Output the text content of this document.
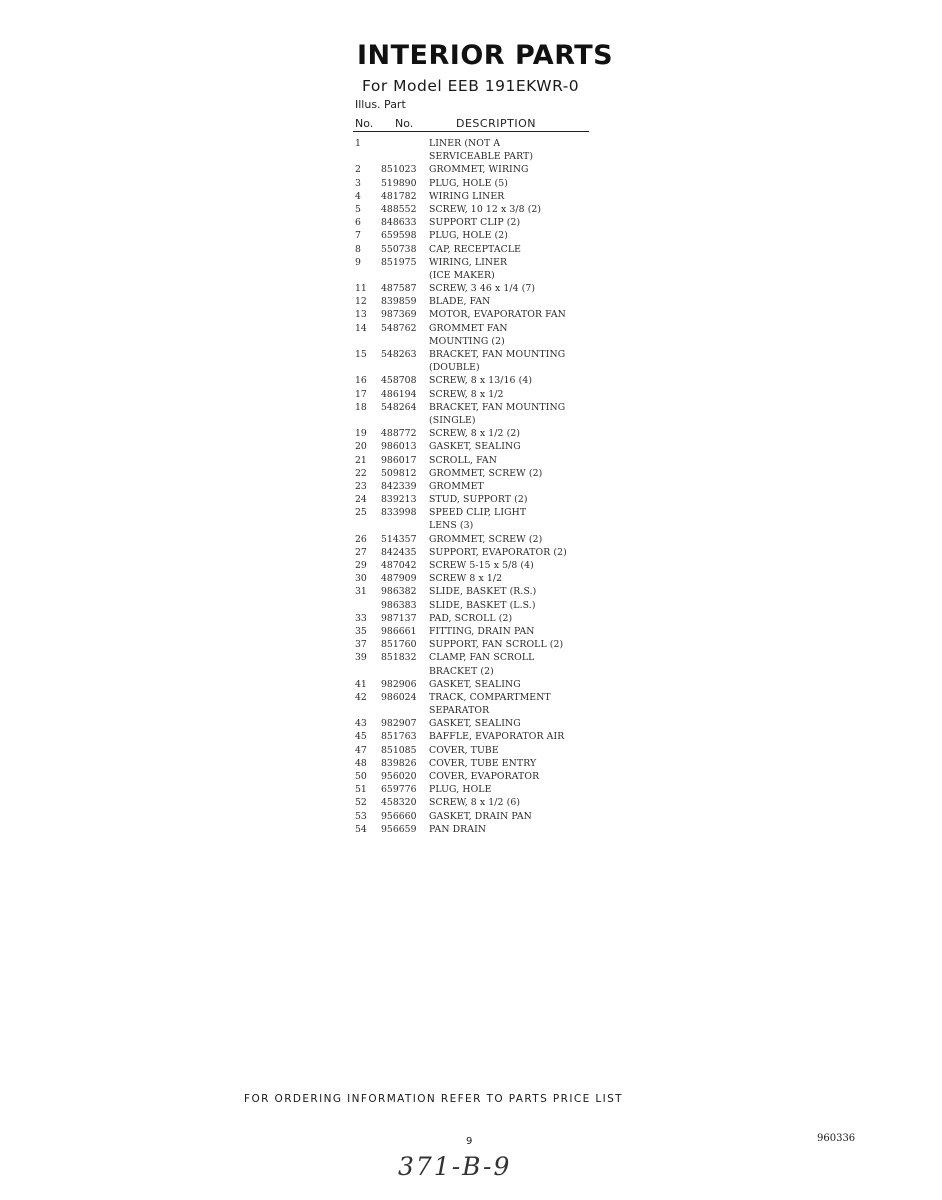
INTERIOR PARTS
For Model EEB 191EKWR-0
Illus. Part
No. No.	DESCRIPTION
1	LINER (NOT A
SERVICEABLE PART)
2 851023 GROMMET, WIRING
3 519890 PLUG, HOLE (5)
4 481782 WIRING LINER
5 488552 SCREW, 10 12 x 3/8 (2)
6 848633 SUPPORT CLIP (2)
7 659598 PLUG, HOLE (2)
8 550738 CAP, RECEPTACLE
9 851975 WIRING, LINER
(ICE MAKER)
11 487587 SCREW, 3 46 x 1/4 (7)
12 839859 BLADE, FAN
13 987369 MOTOR, EVAPORATOR FAN
14 548762 GROMMET FAN
MOUNTING (2)
15 548263 BRACKET, FAN MOUNTING
(DOUBLE)
16 458708 SCREW, 8 x 13/16 (4)
17 486194 SCREW, 8 x 1/2
18 548264 BRACKET, FAN MOUNTING
(SINGLE)
19 488772 SCREW, 8 x 1/2 (2)
20 986013 GASKET, SEALING
21 986017 SCROLL, FAN
22 509812 GROMMET, SCREW (2)
23 842339 GROMMET
24 839213 STUD, SUPPORT (2)
25 833998 SPEED CLIP, LIGHT
LENS (3)
26 514357 GROMMET, SCREW (2)
27 842435 SUPPORT, EVAPORATOR (2)
29 487042 SCREW 5-15 x 5/8 (4)
30 487909 SCREW 8 x 1/2
31 986382 SLIDE, BASKET (R.S.)
986383 SLIDE, BASKET (L.S.)
33 987137 PAD, SCROLL (2)
35 986661 FITTING, DRAIN PAN
37 851760 SUPPORT, FAN SCROLL (2)
39 851832 CLAMP, FAN SCROLL
BRACKET (2)
41 982906 GASKET, SEALING
42 986024 TRACK, COMPARTMENT
SEPARATOR
43 982907 GASKET, SEALING
45 851763 BAFFLE, EVAPORATOR AIR
47 851085 COVER, TUBE
48 839826 COVER, TUBE ENTRY
50 956020 COVER, EVAPORATOR
51 659776 PLUG, HOLE
52 458320 SCREW, 8 x 1/2 (6)
53 956660 GASKET, DRAIN PAN
54 956659 PAN DRAIN
FOR ORDERING INFORMATION REFER TO PARTS PRICE LIST
9	960336
371-B-9
